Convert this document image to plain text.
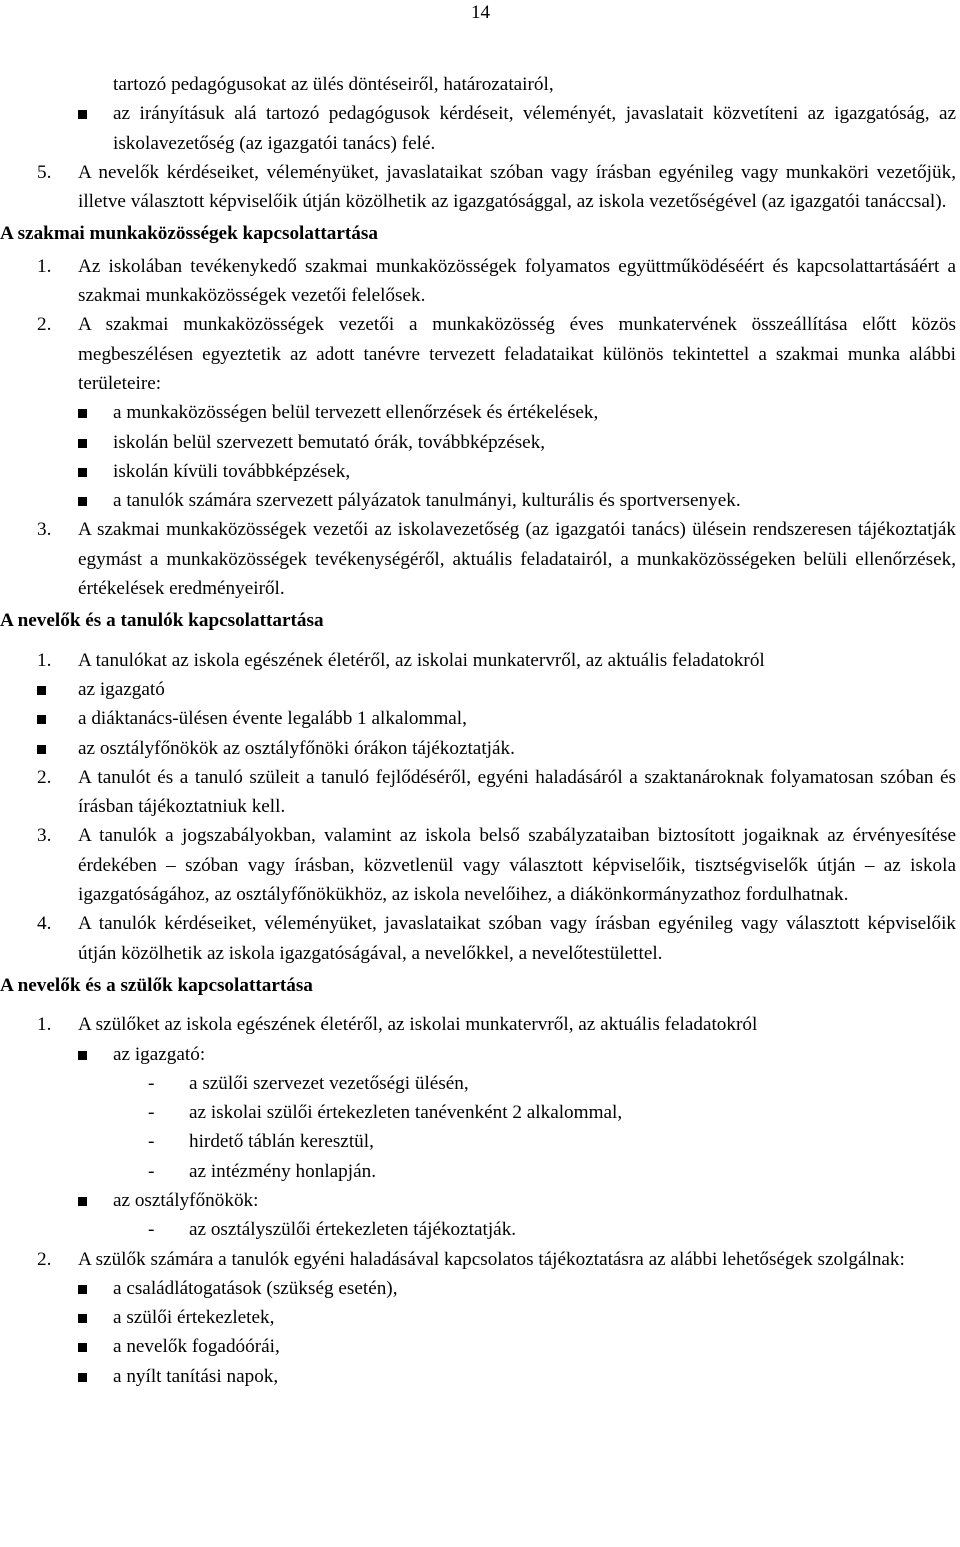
14
tartozó pedagógusokat az ülés döntéseiről, határozatairól,
az irányításuk alá tartozó pedagógusok kérdéseit, véleményét, javaslatait közvetíteni az igazgatóság, az iskolavezetőség (az igazgatói tanács) felé.
5. A nevelők kérdéseiket, véleményüket, javaslataikat szóban vagy írásban egyénileg vagy munkaköri vezetőjük, illetve választott képviselőik útján közölhetik az igazgatósággal, az iskola vezetőségével (az igazgatói tanáccsal).
A szakmai munkaközösségek kapcsolattartása
1. Az iskolában tevékenykedő szakmai munkaközösségek folyamatos együttműködéséért és kapcsolattartásáért a szakmai munkaközösségek vezetői felelősek.
2. A szakmai munkaközösségek vezetői a munkaközösség éves munkatervének összeállítása előtt közös megbeszélésen egyeztetik az adott tanévre tervezett feladataikat különös tekintettel a szakmai munka alábbi területeire:
a munkaközösségen belül tervezett ellenőrzések és értékelések,
iskolán belül szervezett bemutató órák, továbbképzések,
iskolán kívüli továbbképzések,
a tanulók számára szervezett pályázatok tanulmányi, kulturális és sportversenyek.
3. A szakmai munkaközösségek vezetői az iskolavezetőség (az igazgatói tanács) ülésein rendszeresen tájékoztatják egymást a munkaközösségek tevékenységéről, aktuális feladatairól, a munkaközösségeken belüli ellenőrzések, értékelések eredményeiről.
A nevelők és a tanulók kapcsolattartása
1. A tanulókat az iskola egészének életéről, az iskolai munkatervről, az aktuális feladatokról
az igazgató
a diáktanács-ülésen évente legalább 1 alkalommal,
az osztályfőnökök az osztályfőnöki órákon tájékoztatják.
2. A tanulót és a tanuló szüleit a tanuló fejlődéséről, egyéni haladásáról a szaktanároknak folyamatosan szóban és írásban tájékoztatniuk kell.
3. A tanulók a jogszabályokban, valamint az iskola belső szabályzataiban biztosított jogaiknak az érvényesítése érdekében – szóban vagy írásban, közvetlenül vagy választott képviselőik, tisztségviselők útján – az iskola igazgatóságához, az osztályfőnökükhöz, az iskola nevelőihez, a diákönkormányzathoz fordulhatnak.
4. A tanulók kérdéseiket, véleményüket, javaslataikat szóban vagy írásban egyénileg vagy választott képviselőik útján közölhetik az iskola igazgatóságával, a nevelőkkel, a nevelőtestülettel.
A nevelők és a szülők kapcsolattartása
1. A szülőket az iskola egészének életéről, az iskolai munkatervről, az aktuális feladatokról
az igazgató:
- a szülői szervezet vezetőségi ülésén,
- az iskolai szülői értekezleten tanévenként 2 alkalommal,
- hirdető táblán keresztül,
- az intézmény honlapján.
az osztályfőnökök:
- az osztályszülői értekezleten tájékoztatják.
2. A szülők számára a tanulók egyéni haladásával kapcsolatos tájékoztatásra az alábbi lehetőségek szolgálnak:
a családlátogatások (szükség esetén),
a szülői értekezletek,
a nevelők fogadóórái,
a nyílt tanítási napok,
